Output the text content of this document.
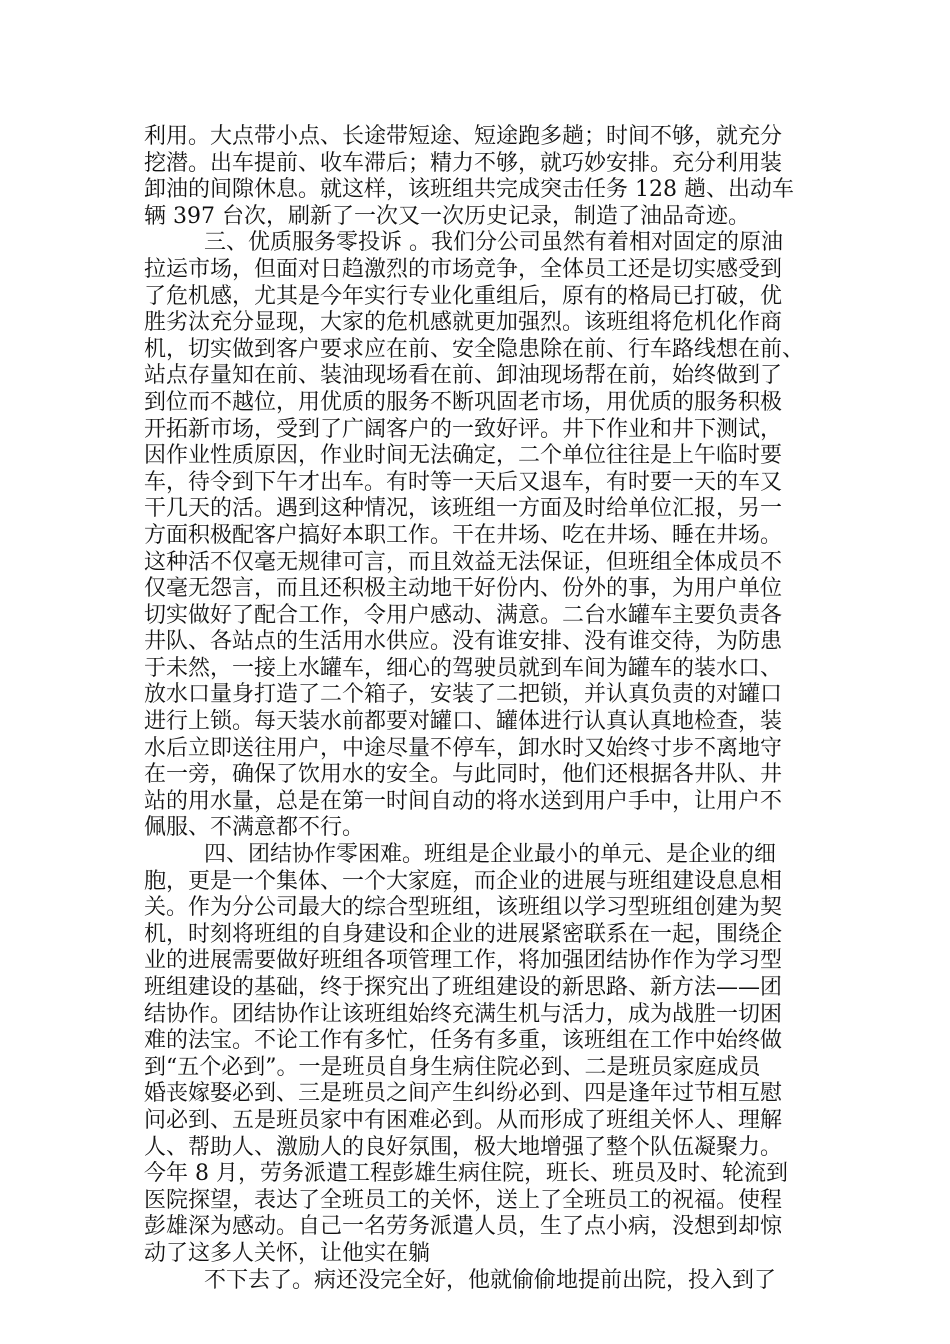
利用。大点带小点、长途带短途、短途跑多趟；时间不够，就充分
挖潜。出车提前、收车滞后；精力不够，就巧妙安排。充分利用装
卸油的间隙休息。就这样，该班组共完成突击任务 128 趟、出动车
辆 397 台次，刷新了一次又一次历史记录，制造了油品奇迹。
三、优质服务零投诉 。我们分公司虽然有着相对固定的原油
拉运市场，但面对日趋激烈的市场竞争，全体员工还是切实感受到
了危机感，尤其是今年实行专业化重组后，原有的格局已打破，优
胜劣汰充分显现，大家的危机感就更加强烈。该班组将危机化作商
机，切实做到客户要求应在前、安全隐患除在前、行车路线想在前、
站点存量知在前、装油现场看在前、卸油现场帮在前，始终做到了
到位而不越位，用优质的服务不断巩固老市场，用优质的服务积极
开拓新市场，受到了广阔客户的一致好评。井下作业和井下测试，
因作业性质原因，作业时间无法确定，二个单位往往是上午临时要
车，待令到下午才出车。有时等一天后又退车，有时要一天的车又
干几天的活。遇到这种情况，该班组一方面及时给单位汇报，另一
方面积极配客户搞好本职工作。干在井场、吃在井场、睡在井场。
这种活不仅毫无规律可言，而且效益无法保证，但班组全体成员不
仅毫无怨言，而且还积极主动地干好份内、份外的事，为用户单位
切实做好了配合工作，令用户感动、满意。二台水罐车主要负责各
井队、各站点的生活用水供应。没有谁安排、没有谁交待，为防患
于未然，一接上水罐车，细心的驾驶员就到车间为罐车的装水口、
放水口量身打造了二个箱子，安装了二把锁，并认真负责的对罐口
进行上锁。每天装水前都要对罐口、罐体进行认真认真地检查，装
水后立即送往用户，中途尽量不停车，卸水时又始终寸步不离地守
在一旁，确保了饮用水的安全。与此同时，他们还根据各井队、井
站的用水量，总是在第一时间自动的将水送到用户手中，让用户不
佩服、不满意都不行。
四、团结协作零困难。班组是企业最小的单元、是企业的细
胞，更是一个集体、一个大家庭，而企业的进展与班组建设息息相
关。作为分公司最大的综合型班组，该班组以学习型班组创建为契
机，时刻将班组的自身建设和企业的进展紧密联系在一起，围绕企
业的进展需要做好班组各项管理工作，将加强团结协作作为学习型
班组建设的基础，终于探究出了班组建设的新思路、新方法——团
结协作。团结协作让该班组始终充满生机与活力，成为战胜一切困
难的法宝。不论工作有多忙，任务有多重，该班组在工作中始终做
到“五个必到”。一是班员自身生病住院必到、二是班员家庭成员
婚丧嫁娶必到、三是班员之间产生纠纷必到、四是逢年过节相互慰
问必到、五是班员家中有困难必到。从而形成了班组关怀人、理解
人、帮助人、激励人的良好氛围，极大地增强了整个队伍凝聚力。
今年 8 月，劳务派遣工程彭雄生病住院，班长、班员及时、轮流到
医院探望，表达了全班员工的关怀，送上了全班员工的祝福。使程
彭雄深为感动。自己一名劳务派遣人员，生了点小病，没想到却惊
动了这多人关怀，让他实在躺
不下去了。病还没完全好，他就偷偷地提前出院，投入到了
